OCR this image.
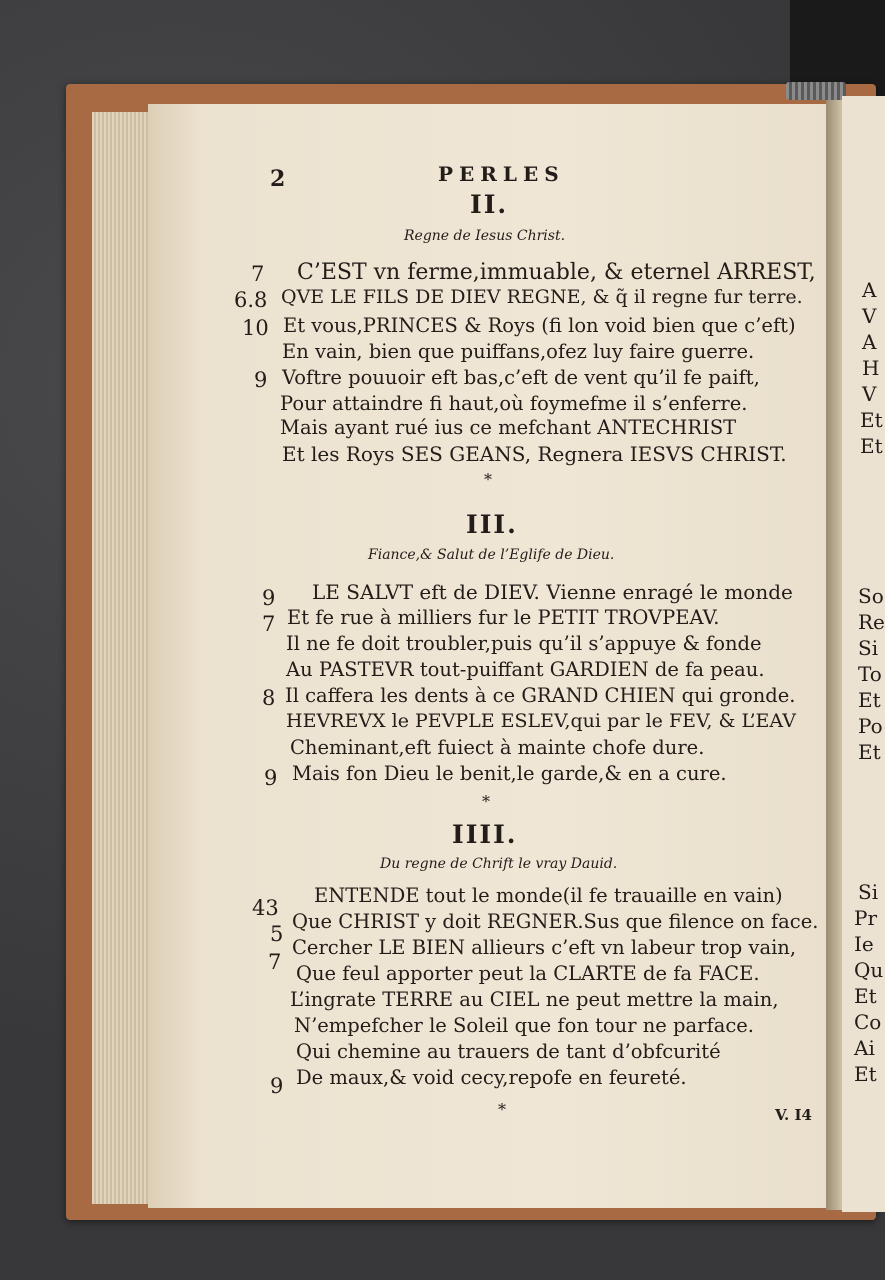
A
V
A
H
V
Et
Et
So
Re
Si
To
Et
Po
Et
Si
Pr
Ie
Qu
Et
Co
Ai
Et
2	PERLES
II.
Regne de Iesus Christ.
7 C’EST vn ferme,immuable, & eternel ARREST,
6.8 QVE LE FILS DE DIEV REGNE, & q̃ il regne fur terre.
10 Et vous,PRINCES & Roys (fi lon void bien que c’eft)
En vain, bien que puiffans,ofez luy faire guerre.
9 Voftre pouuoir eft bas,c’eft de vent qu’il fe paift,
Pour attaindre fi haut,où foymefme il s’enferre.
Mais ayant rué ius ce mefchant ANTECHRIST
Et les Roys SES GEANS, Regnera IESVS CHRIST.
*
III.
Fiance,& Salut de l’Eglife de Dieu.
9 LE SALVT eft de DIEV. Vienne enragé le monde
7 Et fe rue à milliers fur le PETIT TROVPEAV.
Il ne fe doit troubler,puis qu’il s’appuye & fonde
Au PASTEVR tout-puiffant GARDIEN de fa peau.
8 Il caffera les dents à ce GRAND CHIEN qui gronde.
HEVREVX le PEVPLE ESLEV,qui par le FEV, & L’EAV
Cheminant,eft fuiect à mainte chofe dure.
9 Mais fon Dieu le benit,le garde,& en a cure.
*
IIII.
Du regne de Chrift le vray Dauid.
43
ENTENDE tout le monde(il fe trauaille en vain)
5
Que CHRIST y doit REGNER.Sus que filence on face.
7
Cercher LE BIEN allieurs c’eft vn labeur trop vain,
Que feul apporter peut la CLARTE de fa FACE.
L’ingrate TERRE au CIEL ne peut mettre la main,
N’empefcher le Soleil que fon tour ne parface.
Qui chemine au trauers de tant d’obfcurité
9 De maux,& void cecy,repofe en feureté.
*	V. I4
